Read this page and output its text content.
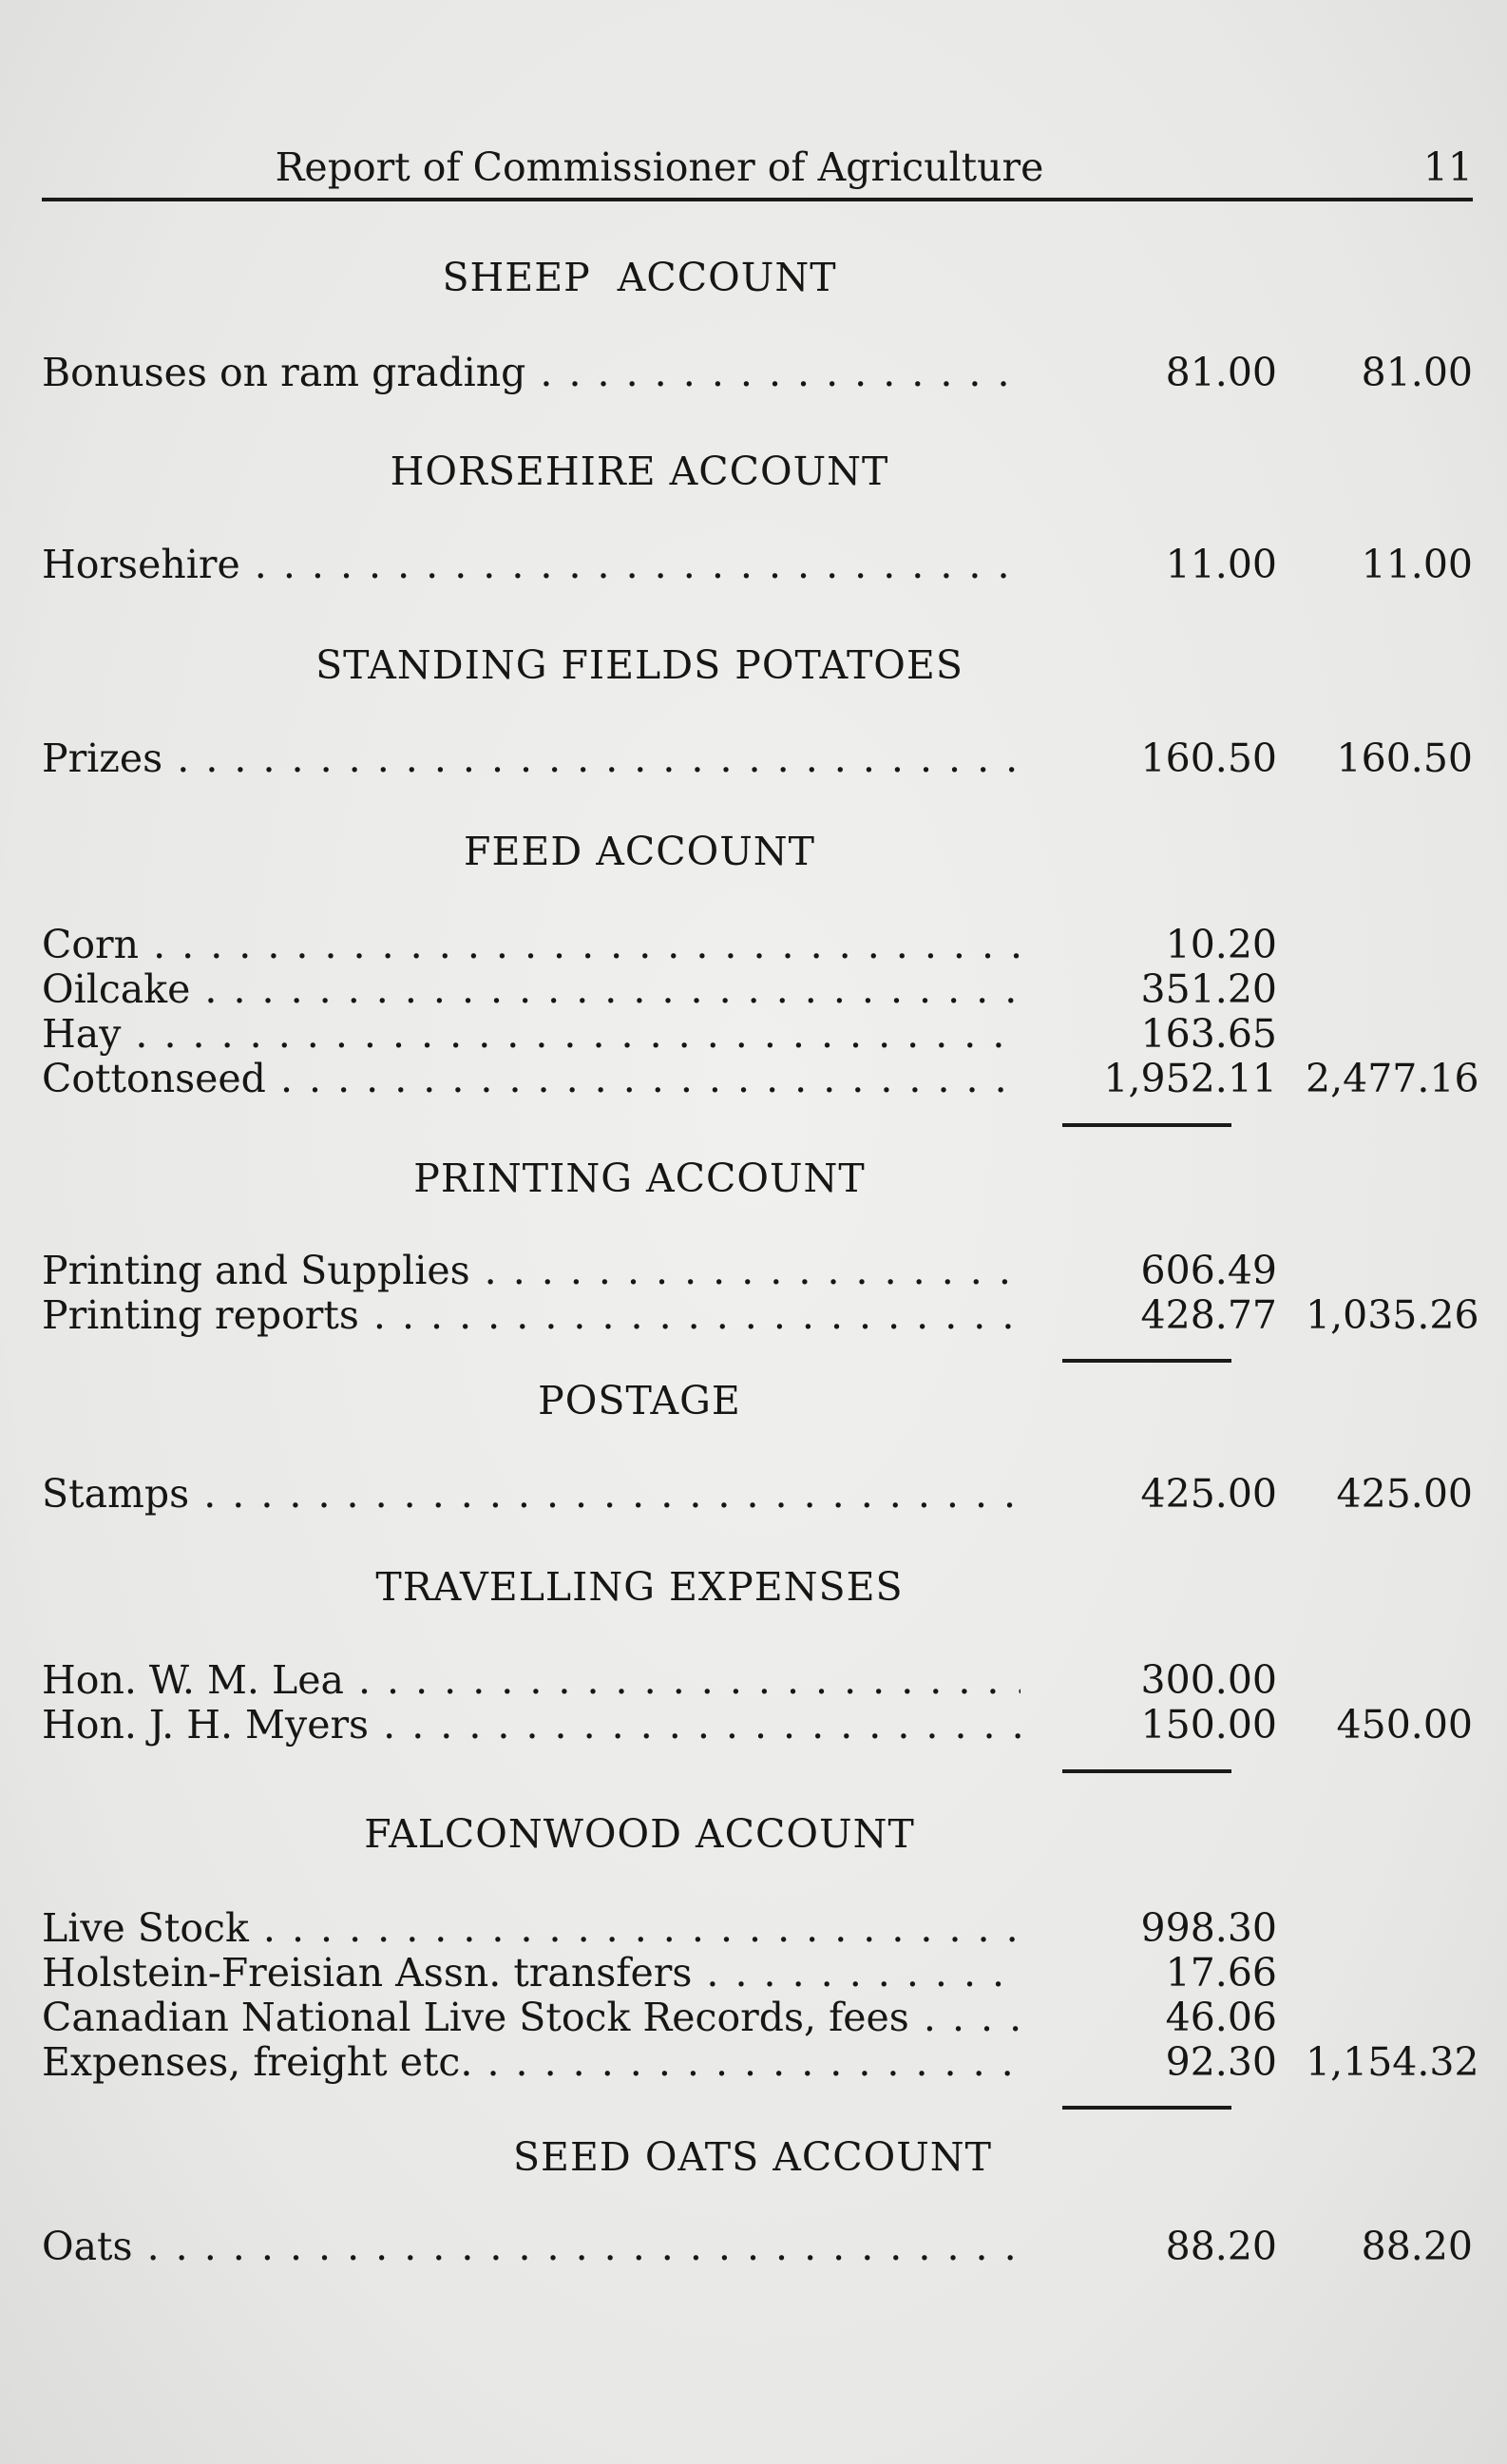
Report of Commissioner of Agriculture	11
SHEEP  ACCOUNT
Bonuses on ram grading . . .	81.00	81.00
HORSEHIRE ACCOUNT
Horsehire . . .	11.00	11.00
STANDING FIELDS POTATOES
Prizes . . .	160.50	160.50
FEED ACCOUNT
Corn . . .	10.20
Oilcake . . .	351.20
Hay . . .	163.65
Cottonseed . . .	1,952.11 2,477.16
PRINTING ACCOUNT
Printing and Supplies . . .	606.49
Printing reports . . .	428.77 1,035.26
POSTAGE
Stamps . . .	425.00	425.00
TRAVELLING EXPENSES
Hon. W. M. Lea . . .	300.00
Hon. J. H. Myers . . .	150.00	450.00
FALCONWOOD ACCOUNT
Live Stock . . .	998.30
Holstein-Freisian Assn. transfers . . .	17.66
Canadian National Live Stock Records, fees . . .	46.06
Expenses, freight etc. . . .	92.30 1,154.32
SEED OATS ACCOUNT
Oats . . .	88.20	88.20
